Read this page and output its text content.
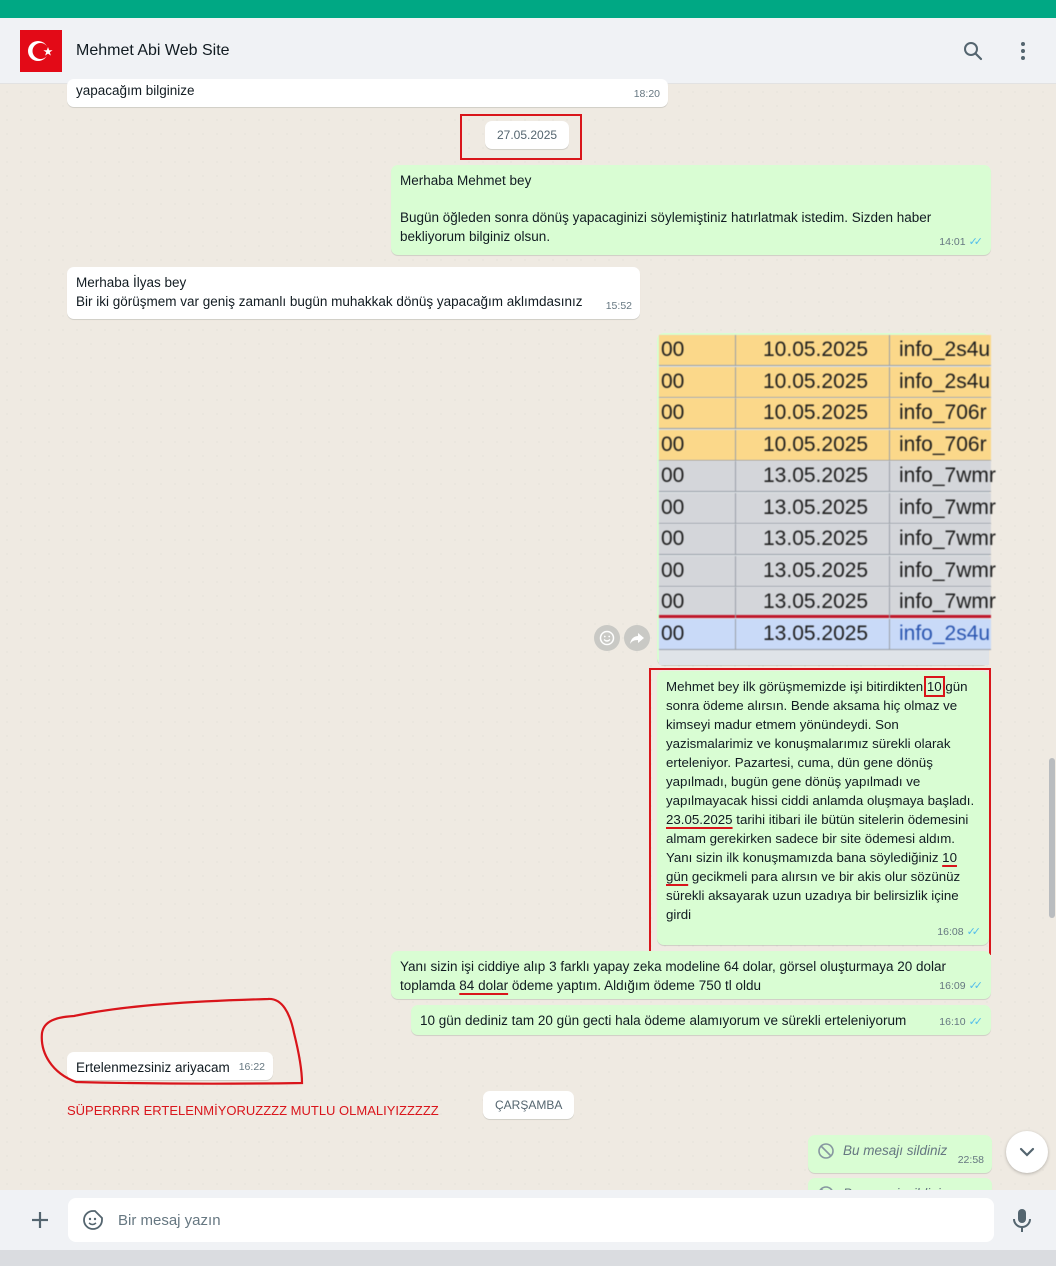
Mehmet Abi Web Site
yapacağım bilginize	18:20
27.05.2025
Merhaba Mehmet bey
Bugün öğleden sonra dönüş yapacaginizi söylemiştiniz hatırlatmak istedim. Sizden haber bekliyorum bilginiz olsun.	14:01 ✓✓
Merhaba İlyas bey
Bir iki görüşmem var geniş zamanlı bugün muhakkak dönüş yapacağım aklımdasınız	15:52
00	10.05.2025 info_2s4u
00	10.05.2025 info_2s4u
00	10.05.2025 info_706r
00	10.05.2025 info_706r
00	13.05.2025 info_7wmr
00	13.05.2025 info_7wmr
00	13.05.2025 info_7wmr
00	13.05.2025 info_7wmr
00	13.05.2025 info_7wmr
00	13.05.2025 info_2s4u
Mehmet bey ilk görüşmemizde işi bitirdikten 10 gün sonra ödeme alırsın. Bende aksama hiç olmaz ve kimseyi madur etmem yönündeydi. Son yazismalarimiz ve konuşmalarımız sürekli olarak erteleniyor. Pazartesi, cuma, dün gene dönüş yapılmadı, bugün gene dönüş yapılmadı ve yapılmayacak hissi ciddi anlamda oluşmaya başladı.
23.05.2025 tarihi itibari ile bütün sitelerin ödemesini almam gerekirken sadece bir site ödemesi aldım. Yanı sizin ilk konuşmamızda bana söylediğiniz 10 gün gecikmeli para alırsın ve bir akis olur sözünüz sürekli aksayarak uzun uzadıya bir belirsizlik içine girdi
16:08 ✓✓
Yanı sizin işi ciddiye alıp 3 farklı yapay zeka modeline 64 dolar, görsel oluşturmaya 20 dolar toplamda 84 dolar ödeme yaptım. Aldığım ödeme 750 tl oldu	16:09 ✓✓
10 gün dediniz tam 20 gün gecti hala ödeme alamıyorum ve sürekli erteleniyorum	16:10 ✓✓
Ertelenmezsiniz ariyacam 16:22
SÜPERRRR ERTELENMİYORUZZZZ MUTLU OLMALIYIZZZZZ	ÇARŞAMBA
Bu mesajı sildiniz
22:58
Bir mesaj yazın
